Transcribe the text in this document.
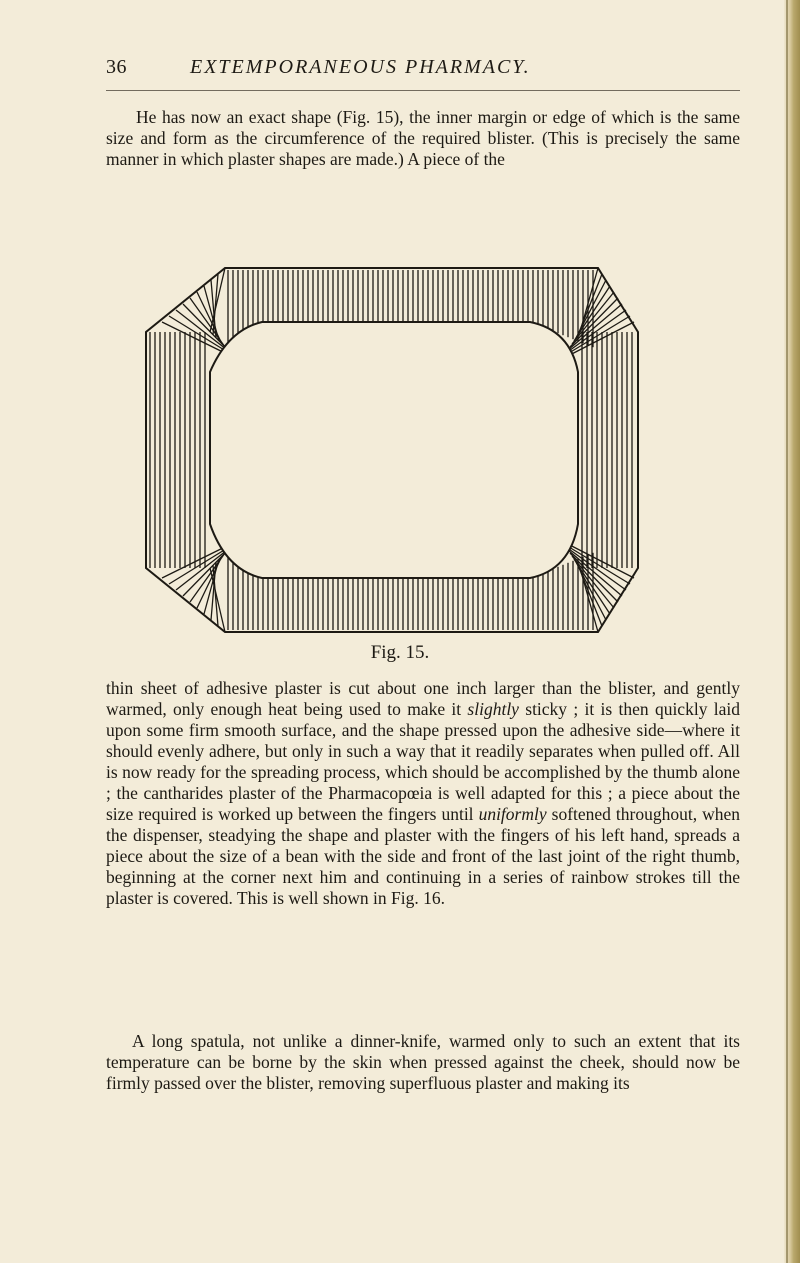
36	EXTEMPORANEOUS PHARMACY.

He has now an exact shape (Fig. 15), the inner margin or edge of which is the same size and form as the circumference of the required blister. (This is precisely the same manner in which plaster shapes are made.) A piece of the

Fig. 15.

thin sheet of adhesive plaster is cut about one inch larger than the blister, and gently warmed, only enough heat being used to make it slightly sticky ; it is then quickly laid upon some firm smooth surface, and the shape pressed upon the adhesive side—where it should evenly adhere, but only in such a way that it readily separates when pulled off. All is now ready for the spreading process, which should be accomplished by the thumb alone ; the cantharides plaster of the Pharmacopœia is well adapted for this ; a piece about the size required is worked up between the fingers until uniformly softened throughout, when the dispenser, steadying the shape and plaster with the fingers of his left hand, spreads a piece about the size of a bean with the side and front of the last joint of the right thumb, beginning at the corner next him and continuing in a series of rainbow strokes till the plaster is covered. This is well shown in Fig. 16.

A long spatula, not unlike a dinner-knife, warmed only to such an extent that its temperature can be borne by the skin when pressed against the cheek, should now be firmly passed over the blister, removing superfluous plaster and making its
